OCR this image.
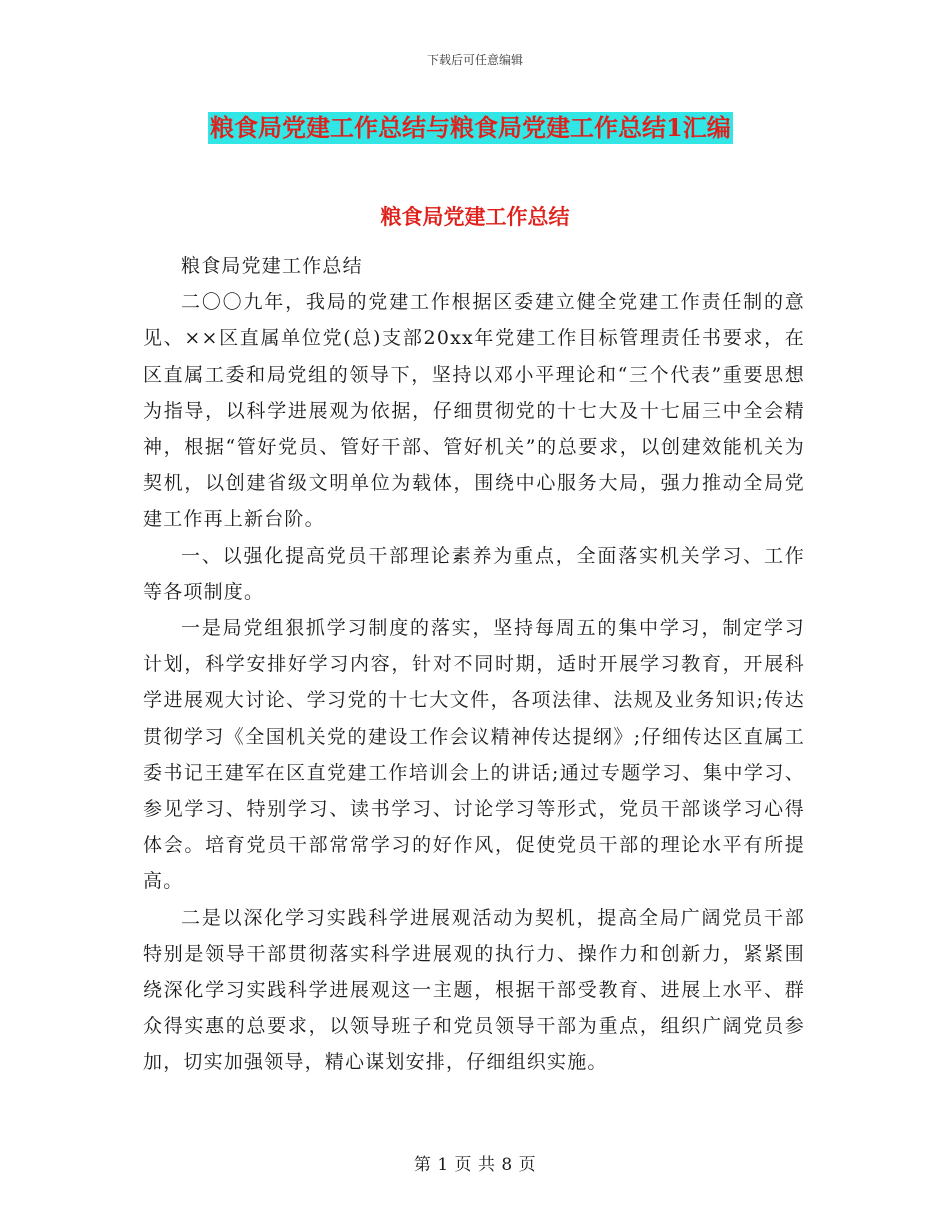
下载后可任意编辑
粮食局党建工作总结与粮食局党建工作总结1汇编
粮食局党建工作总结

粮食局党建工作总结

二〇〇九年，我局的党建工作根据区委建立健全党建工作责任制的意见、××区直属单位党(总)支部20xx年党建工作目标管理责任书要求，在区直属工委和局党组的领导下，坚持以邓小平理论和“三个代表”重要思想为指导，以科学进展观为依据，仔细贯彻党的十七大及十七届三中全会精神，根据“管好党员、管好干部、管好机关”的总要求，以创建效能机关为契机，以创建省级文明单位为载体，围绕中心服务大局，强力推动全局党建工作再上新台阶。

一、以强化提高党员干部理论素养为重点，全面落实机关学习、工作等各项制度。

一是局党组狠抓学习制度的落实，坚持每周五的集中学习，制定学习计划，科学安排好学习内容，针对不同时期，适时开展学习教育，开展科学进展观大讨论、学习党的十七大文件，各项法律、法规及业务知识;传达贯彻学习《全国机关党的建设工作会议精神传达提纲》;仔细传达区直属工委书记王建军在区直党建工作培训会上的讲话;通过专题学习、集中学习、参见学习、特别学习、读书学习、讨论学习等形式，党员干部谈学习心得体会。培育党员干部常常学习的好作风，促使党员干部的理论水平有所提高。

二是以深化学习实践科学进展观活动为契机，提高全局广阔党员干部特别是领导干部贯彻落实科学进展观的执行力、操作力和创新力，紧紧围绕深化学习实践科学进展观这一主题，根据干部受教育、进展上水平、群众得实惠的总要求，以领导班子和党员领导干部为重点，组织广阔党员参加，切实加强领导，精心谋划安排，仔细组织实施。

第 1 页 共 8 页
